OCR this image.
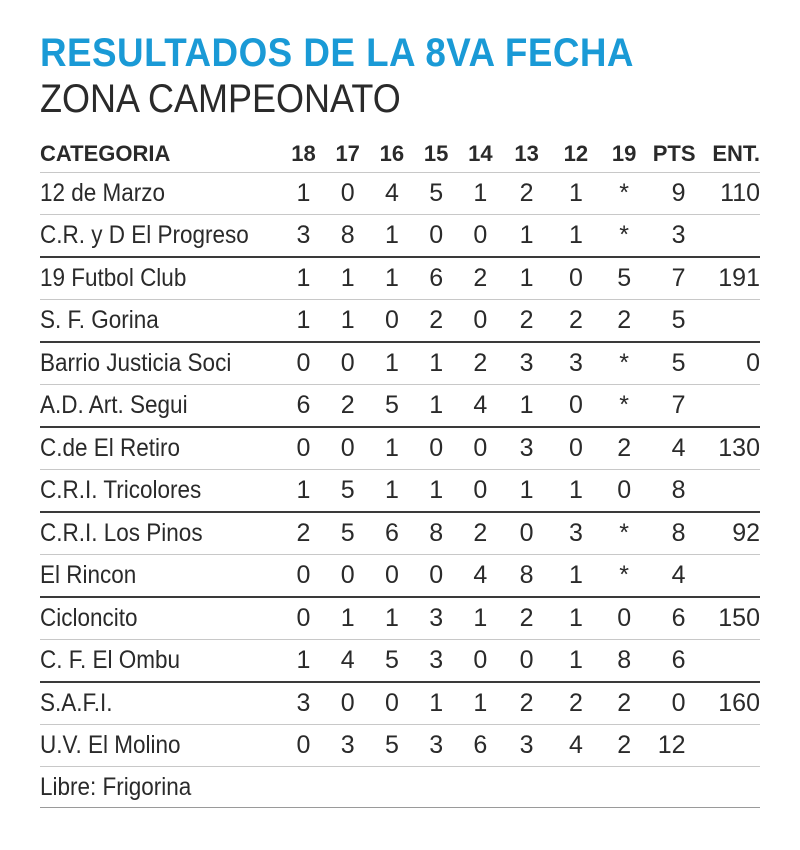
RESULTADOS DE LA 8VA FECHA
ZONA CAMPEONATO
CATEGORIA	18	17	16	15	14	13	12	19	PTS	ENT.
12 de Marzo	1	0	4	5	1	2	1	*	9	110
C.R. y D El Progreso	3	8	1	0	0	1	1	*	3	
19 Futbol Club	1	1	1	6	2	1	0	5	7	191
S. F. Gorina	1	1	0	2	0	2	2	2	5	
Barrio Justicia Soci	0	0	1	1	2	3	3	*	5	0
A.D. Art. Segui	6	2	5	1	4	1	0	*	7	
C.de El Retiro	0	0	1	0	0	3	0	2	4	130
C.R.I. Tricolores	1	5	1	1	0	1	1	0	8	
C.R.I. Los Pinos	2	5	6	8	2	0	3	*	8	92
El Rincon	0	0	0	0	4	8	1	*	4	
Cicloncito	0	1	1	3	1	2	1	0	6	150
C. F. El Ombu	1	4	5	3	0	0	1	8	6	
S.A.F.I.	3	0	0	1	1	2	2	2	0	160
U.V. El Molino	0	3	5	3	6	3	4	2	12	
Libre: Frigorina
